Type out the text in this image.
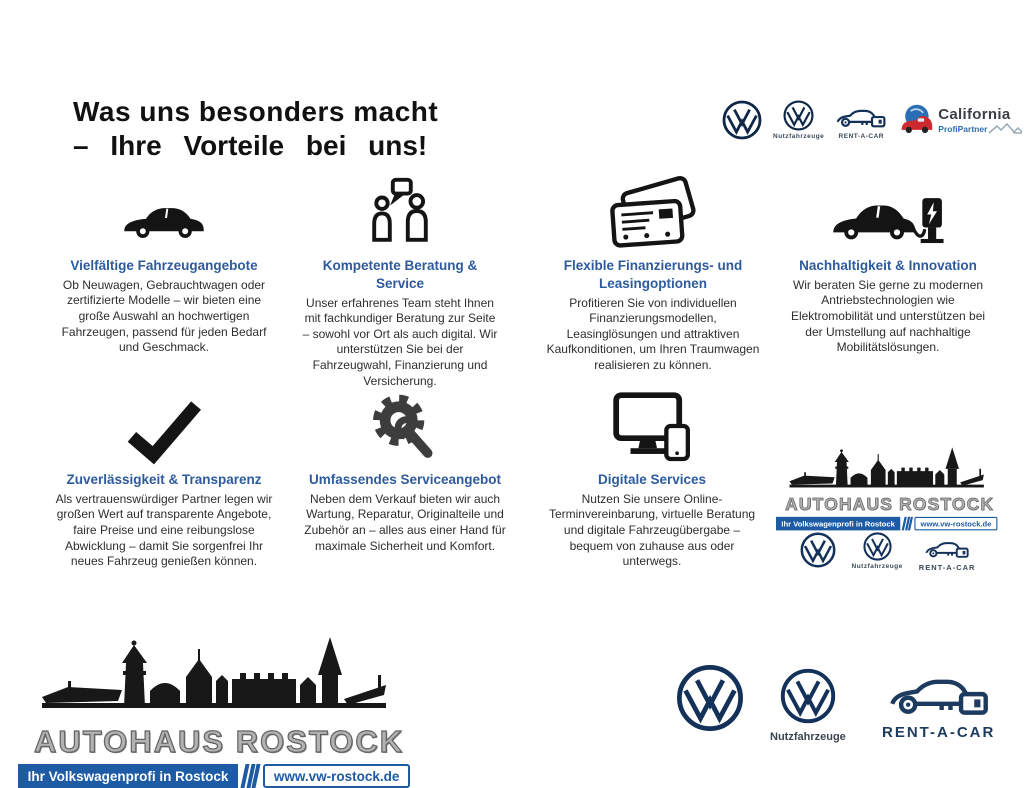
Was uns besonders macht
– Ihre Vorteile bei uns!	Nutzfahrzeuge RENT-A-CAR
California
ProfiPartner
Vielfältige Fahrzeugangebote

Ob Neuwagen, Gebrauchtwagen oder zertifizierte Modelle – wir bieten eine große Auswahl an hochwertigen Fahrzeugen, passend für jeden Bedarf und Geschmack.

Kompetente Beratung & Service

Unser erfahrenes Team steht Ihnen mit fachkundiger Beratung zur Seite – sowohl vor Ort als auch digital. Wir unterstützen Sie bei der Fahrzeugwahl, Finanzierung und Versicherung.

Flexible Finanzierungs- und Leasingoptionen

Profitieren Sie von individuellen Finanzierungsmodellen, Leasinglösungen und attraktiven Kaufkonditionen, um Ihren Traumwagen realisieren zu können.

Nachhaltigkeit & Innovation

Wir beraten Sie gerne zu modernen Antriebstechnologien wie Elektromobilität und unterstützen bei der Umstellung auf nachhaltige Mobilitätslösungen.

Zuverlässigkeit & Transparenz

Als vertrauenswürdiger Partner legen wir großen Wert auf transparente Angebote, faire Preise und eine reibungslose Abwicklung – damit Sie sorgenfrei Ihr neues Fahrzeug genießen können.

Umfassendes Serviceangebot

Neben dem Verkauf bieten wir auch Wartung, Reparatur, Originalteile und Zubehör an – alles aus einer Hand für maximale Sicherheit und Komfort.

Digitale Services

Nutzen Sie unsere Online-Terminvereinbarung, virtuelle Beratung und digitale Fahrzeugübergabe – bequem von zuhause aus oder unterwegs.

AUTOHAUS ROSTOCK
Ihr Volkswagenprofi in Rostock	www.vw-rostock.de
Nutzfahrzeuge RENT-A-CAR
AUTOHAUS ROSTOCK
Ihr Volkswagenprofi in Rostock	www.vw-rostock.de
Nutzfahrzeuge RENT-A-CAR
